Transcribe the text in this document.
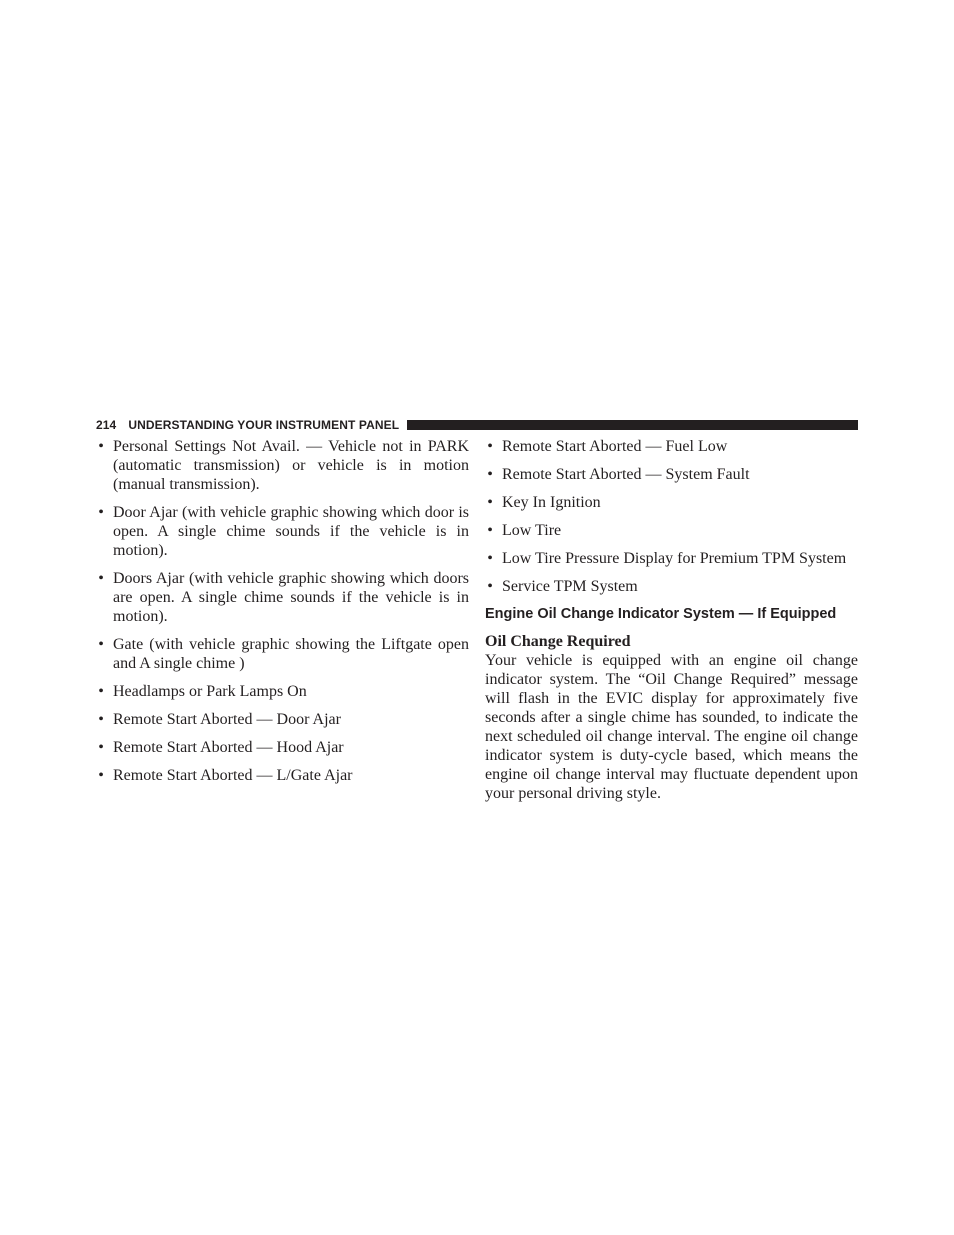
214 UNDERSTANDING YOUR INSTRUMENT PANEL
• Personal Settings Not Avail. — Vehicle not in PARK (automatic transmission) or vehicle is in motion (manual transmission).
• Door Ajar (with vehicle graphic showing which door is open. A single chime sounds if the vehicle is in motion).
• Doors Ajar (with vehicle graphic showing which doors are open. A single chime sounds if the vehicle is in motion).
• Gate (with vehicle graphic showing the Liftgate open and A single chime )
• Headlamps or Park Lamps On
• Remote Start Aborted — Door Ajar
• Remote Start Aborted — Hood Ajar
• Remote Start Aborted — L/Gate Ajar
• Remote Start Aborted — Fuel Low
• Remote Start Aborted — System Fault
• Key In Ignition
• Low Tire
• Low Tire Pressure Display for Premium TPM System
• Service TPM System
Engine Oil Change Indicator System — If Equipped

Oil Change Required

Your vehicle is equipped with an engine oil change indicator system. The “Oil Change Required” message will flash in the EVIC display for approximately five seconds after a single chime has sounded, to indicate the next scheduled oil change interval. The engine oil change indicator system is duty-cycle based, which means the engine oil change interval may fluctuate dependent upon your personal driving style.
